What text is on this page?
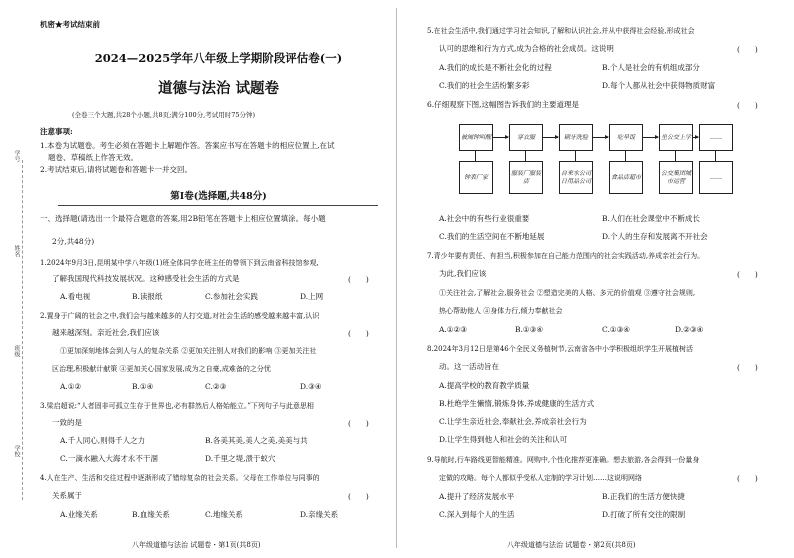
学号
姓名
班级
学校
机密★考试结束前
2024—2025学年八年级上学期阶段评估卷(一)
道德与法治 试题卷
(全卷三个大题,共28个小题,共8页;满分100分,考试用时75分钟)
注意事项:
1.本卷为试题卷。考生必须在答题卡上解题作答。答案应书写在答题卡的相应位置上,在试
题卷、草稿纸上作答无效。
2.考试结束后,请将试题卷和答题卡一并交回。
第Ⅰ卷(选择题,共48分)
一、选择题(请选出一个最符合题意的答案,用2B铅笔在答题卡上相应位置填涂。每小题
2分,共48分)
1.2024年9月3日,昆明某中学八年级(1)班全体同学在班主任的带领下到云南省科技馆参观,
了解我国现代科技发展状况。这种感受社会生活的方式是	(　　)
A.看电视	B.读报纸	C.参加社会实践	D.上网
2.置身于广阔的社会之中,我们会与越来越多的人打交道,对社会生活的感受越来越丰富,认识
越来越深刻。亲近社会,我们应该	(　　)
①更加深刻地体会到人与人的复杂关系 ②更加关注别人对我们的影响 ③更加关注社
区治理,积极献计献策 ④更加关心国家发展,成为之自豪,成难备的之分忧
A.①②	B.①④	C.②③	D.③④
3.梁启超说:“人者固非可孤立生存于世界也,必有群然后人格始能立。”下列句子与此意思相
一致的是	(　　)
A.千人同心,则得千人之力	B.各美其美,美人之美,美美与共
C.一滴水融入大海才永不干涸	D.千里之堤,溃于蚁穴
4.人在生产、生活和交往过程中逐渐形成了错综复杂的社会关系。父母在工作单位与同事的
关系属于	(　　)
A.业缘关系	B.血缘关系	C.地缘关系	D.亲缘关系
八年级道德与法治 试题卷・第1页(共8页)
5.在社会生活中,我们通过学习社会知识,了解和认识社会,并从中获得社会经验,形成社会
认可的思维和行为方式,成为合格的社会成员。这说明	(　　)
A.我们的成长是不断社会化的过程	B.个人是社会的有机组成部分
C.我们的社会生活纷繁多彩	D.每个人都从社会中获得物质财富
6.仔细观察下图,这幅图告诉我们的主要道理是	(　　)
被闹钟叫醒	穿衣服	刷牙洗脸	吃早饭	坐公交上学	……
钟表厂家
服装厂服装店
自来水公司日用品公司
食品店超市
公交集团城市运营
……
A.社会中的有些行业很重要	B.人们在社会课堂中不断成长
C.我们的生活空间在不断地延展	D.个人的生存和发展离不开社会
7.青少年要有责任、有担当,积极参加在自己能力范围内的社会实践活动,养成亲社会行为。
为此,我们应该	(　　)
①关注社会,了解社会,服务社会 ②塑造完美的人格、多元的价值观 ③遵守社会规则,
热心帮助他人 ④身体力行,倾力奉献社会
A.①②③	B.①③④	C.①③④	D.②③④
8.2024年3月12日是第46个全民义务植树节,云南省各中小学积极组织学生开展植树活
动。这一活动旨在	(　　)
A.提高学校的教育教学质量
B.杜绝学生懒惰,锻炼身体,养成健康的生活方式
C.让学生亲近社会,奉献社会,养成亲社会行为
D.让学生得到他人和社会的关注和认可
9.导航时,行车路线更智能精准。网购中,个性化推荐更准确。想去旅游,各会得到一份量身
定做的攻略。每个人都似乎受私人定制的学习计划……这说明网络	(　　)
A.提升了经济发展水平	B.正我们的生活方便快捷
C.深入到每个人的生活	D.打破了所有交往的限制
八年级道德与法治 试题卷・第2页(共8页)
